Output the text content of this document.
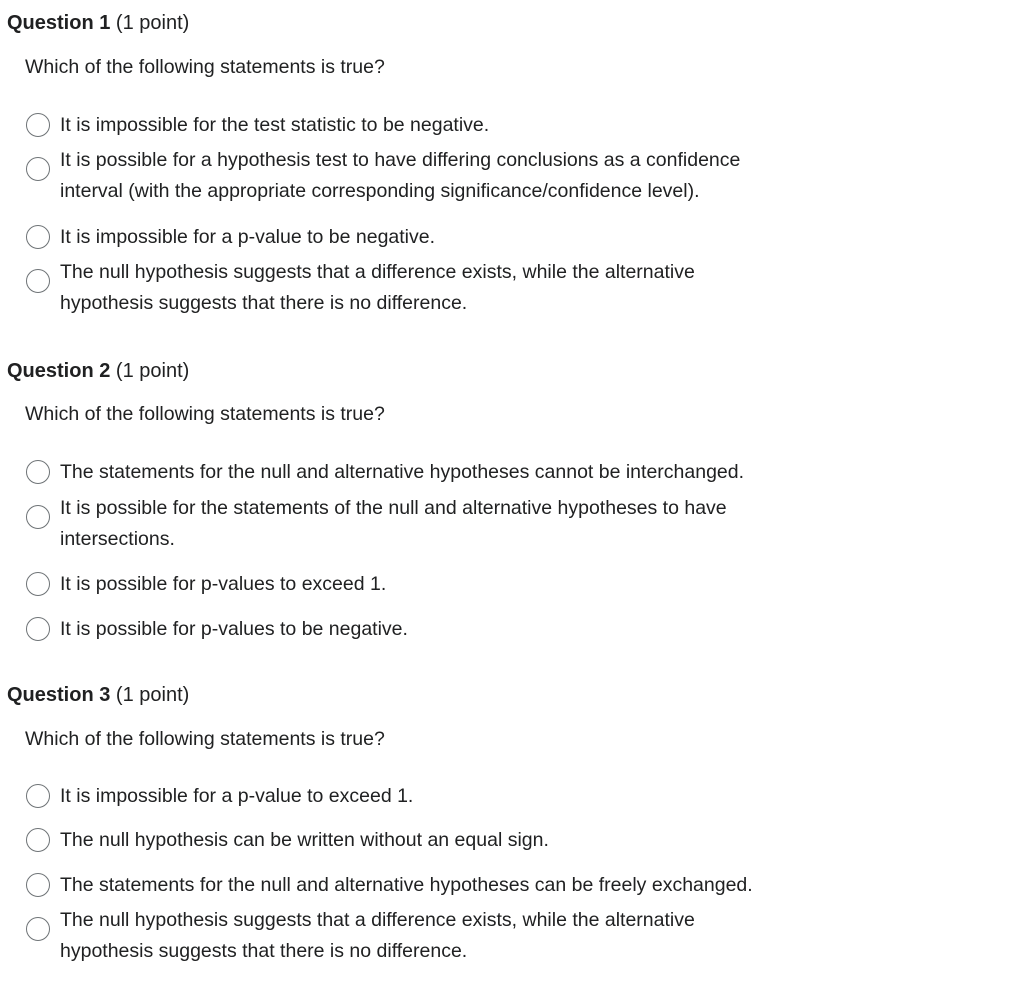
Question 1 (1 point)
Which of the following statements is true?
It is impossible for the test statistic to be negative.
It is possible for a hypothesis test to have differing conclusions as a confidence
interval (with the appropriate corresponding significance/confidence level).
It is impossible for a p-value to be negative.
The null hypothesis suggests that a difference exists, while the alternative
hypothesis suggests that there is no difference.
Question 2 (1 point)
Which of the following statements is true?
The statements for the null and alternative hypotheses cannot be interchanged.
It is possible for the statements of the null and alternative hypotheses to have
intersections.
It is possible for p-values to exceed 1.
It is possible for p-values to be negative.
Question 3 (1 point)
Which of the following statements is true?
It is impossible for a p-value to exceed 1.
The null hypothesis can be written without an equal sign.
The statements for the null and alternative hypotheses can be freely exchanged.
The null hypothesis suggests that a difference exists, while the alternative
hypothesis suggests that there is no difference.
